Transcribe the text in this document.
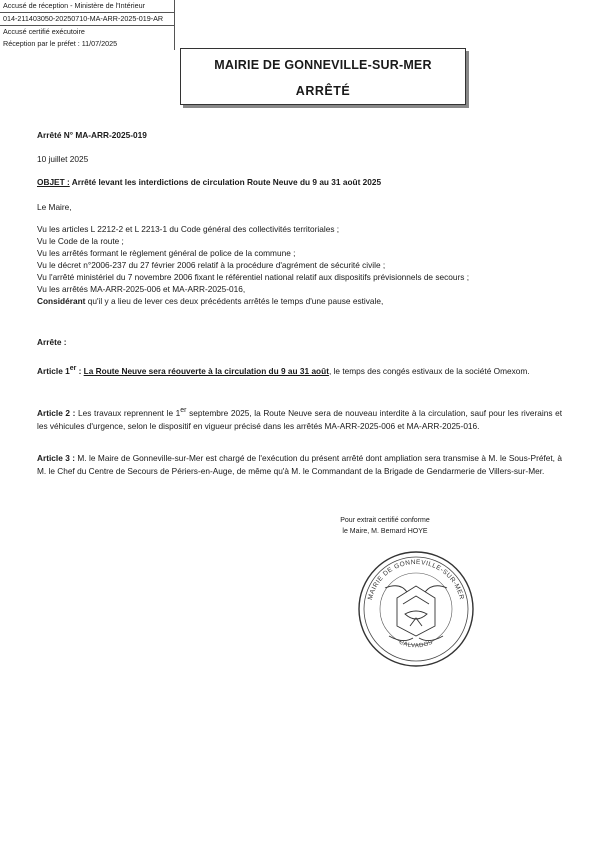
Accusé de réception - Ministère de l'Intérieur
014-211403050-20250710-MA-ARR-2025-019-AR
Accusé certifié exécutoire
Réception par le préfet : 11/07/2025
MAIRIE DE GONNEVILLE-SUR-MER
ARRÊTÉ
Arrêté N° MA-ARR-2025-019
10 juillet 2025
OBJET : Arrêté levant les interdictions de circulation Route Neuve du 9 au 31 août 2025
Le Maire,
Vu les articles L 2212-2 et L 2213-1 du Code général des collectivités territoriales ;
Vu le Code de la route ;
Vu les arrêtés formant le règlement général de police de la commune ;
Vu le décret n°2006-237 du 27 février 2006 relatif à la procédure d'agrément de sécurité civile ;
Vu l'arrêté ministériel du 7 novembre 2006 fixant le référentiel national relatif aux dispositifs prévisionnels de secours ;
Vu les arrêtés MA-ARR-2025-006 et MA-ARR-2025-016,
Considérant qu'il y a lieu de lever ces deux précédents arrêtés le temps d'une pause estivale,
Arrête :

Article 1er : La Route Neuve sera réouverte à la circulation du 9 au 31 août, le temps des congés estivaux de la société Omexom.

Article 2 : Les travaux reprennent le 1er septembre 2025, la Route Neuve sera de nouveau interdite à la circulation, sauf pour les riverains et les véhicules d'urgence, selon le dispositif en vigueur précisé dans les arrêtés MA-ARR-2025-006 et MA-ARR-2025-016.

Article 3 : M. le Maire de Gonneville-sur-Mer est chargé de l'exécution du présent arrêté dont ampliation sera transmise à M. le Sous-Préfet, à M. le Chef du Centre de Secours de Périers-en-Auge, de même qu'à M. le Commandant de la Brigade de Gendarmerie de Villers-sur-Mer.

Pour extrait certifié conforme
le Maire, M. Bernard HOYE
MAIRIE DE GONNEVILLE-SUR-MER
CALVADOS
